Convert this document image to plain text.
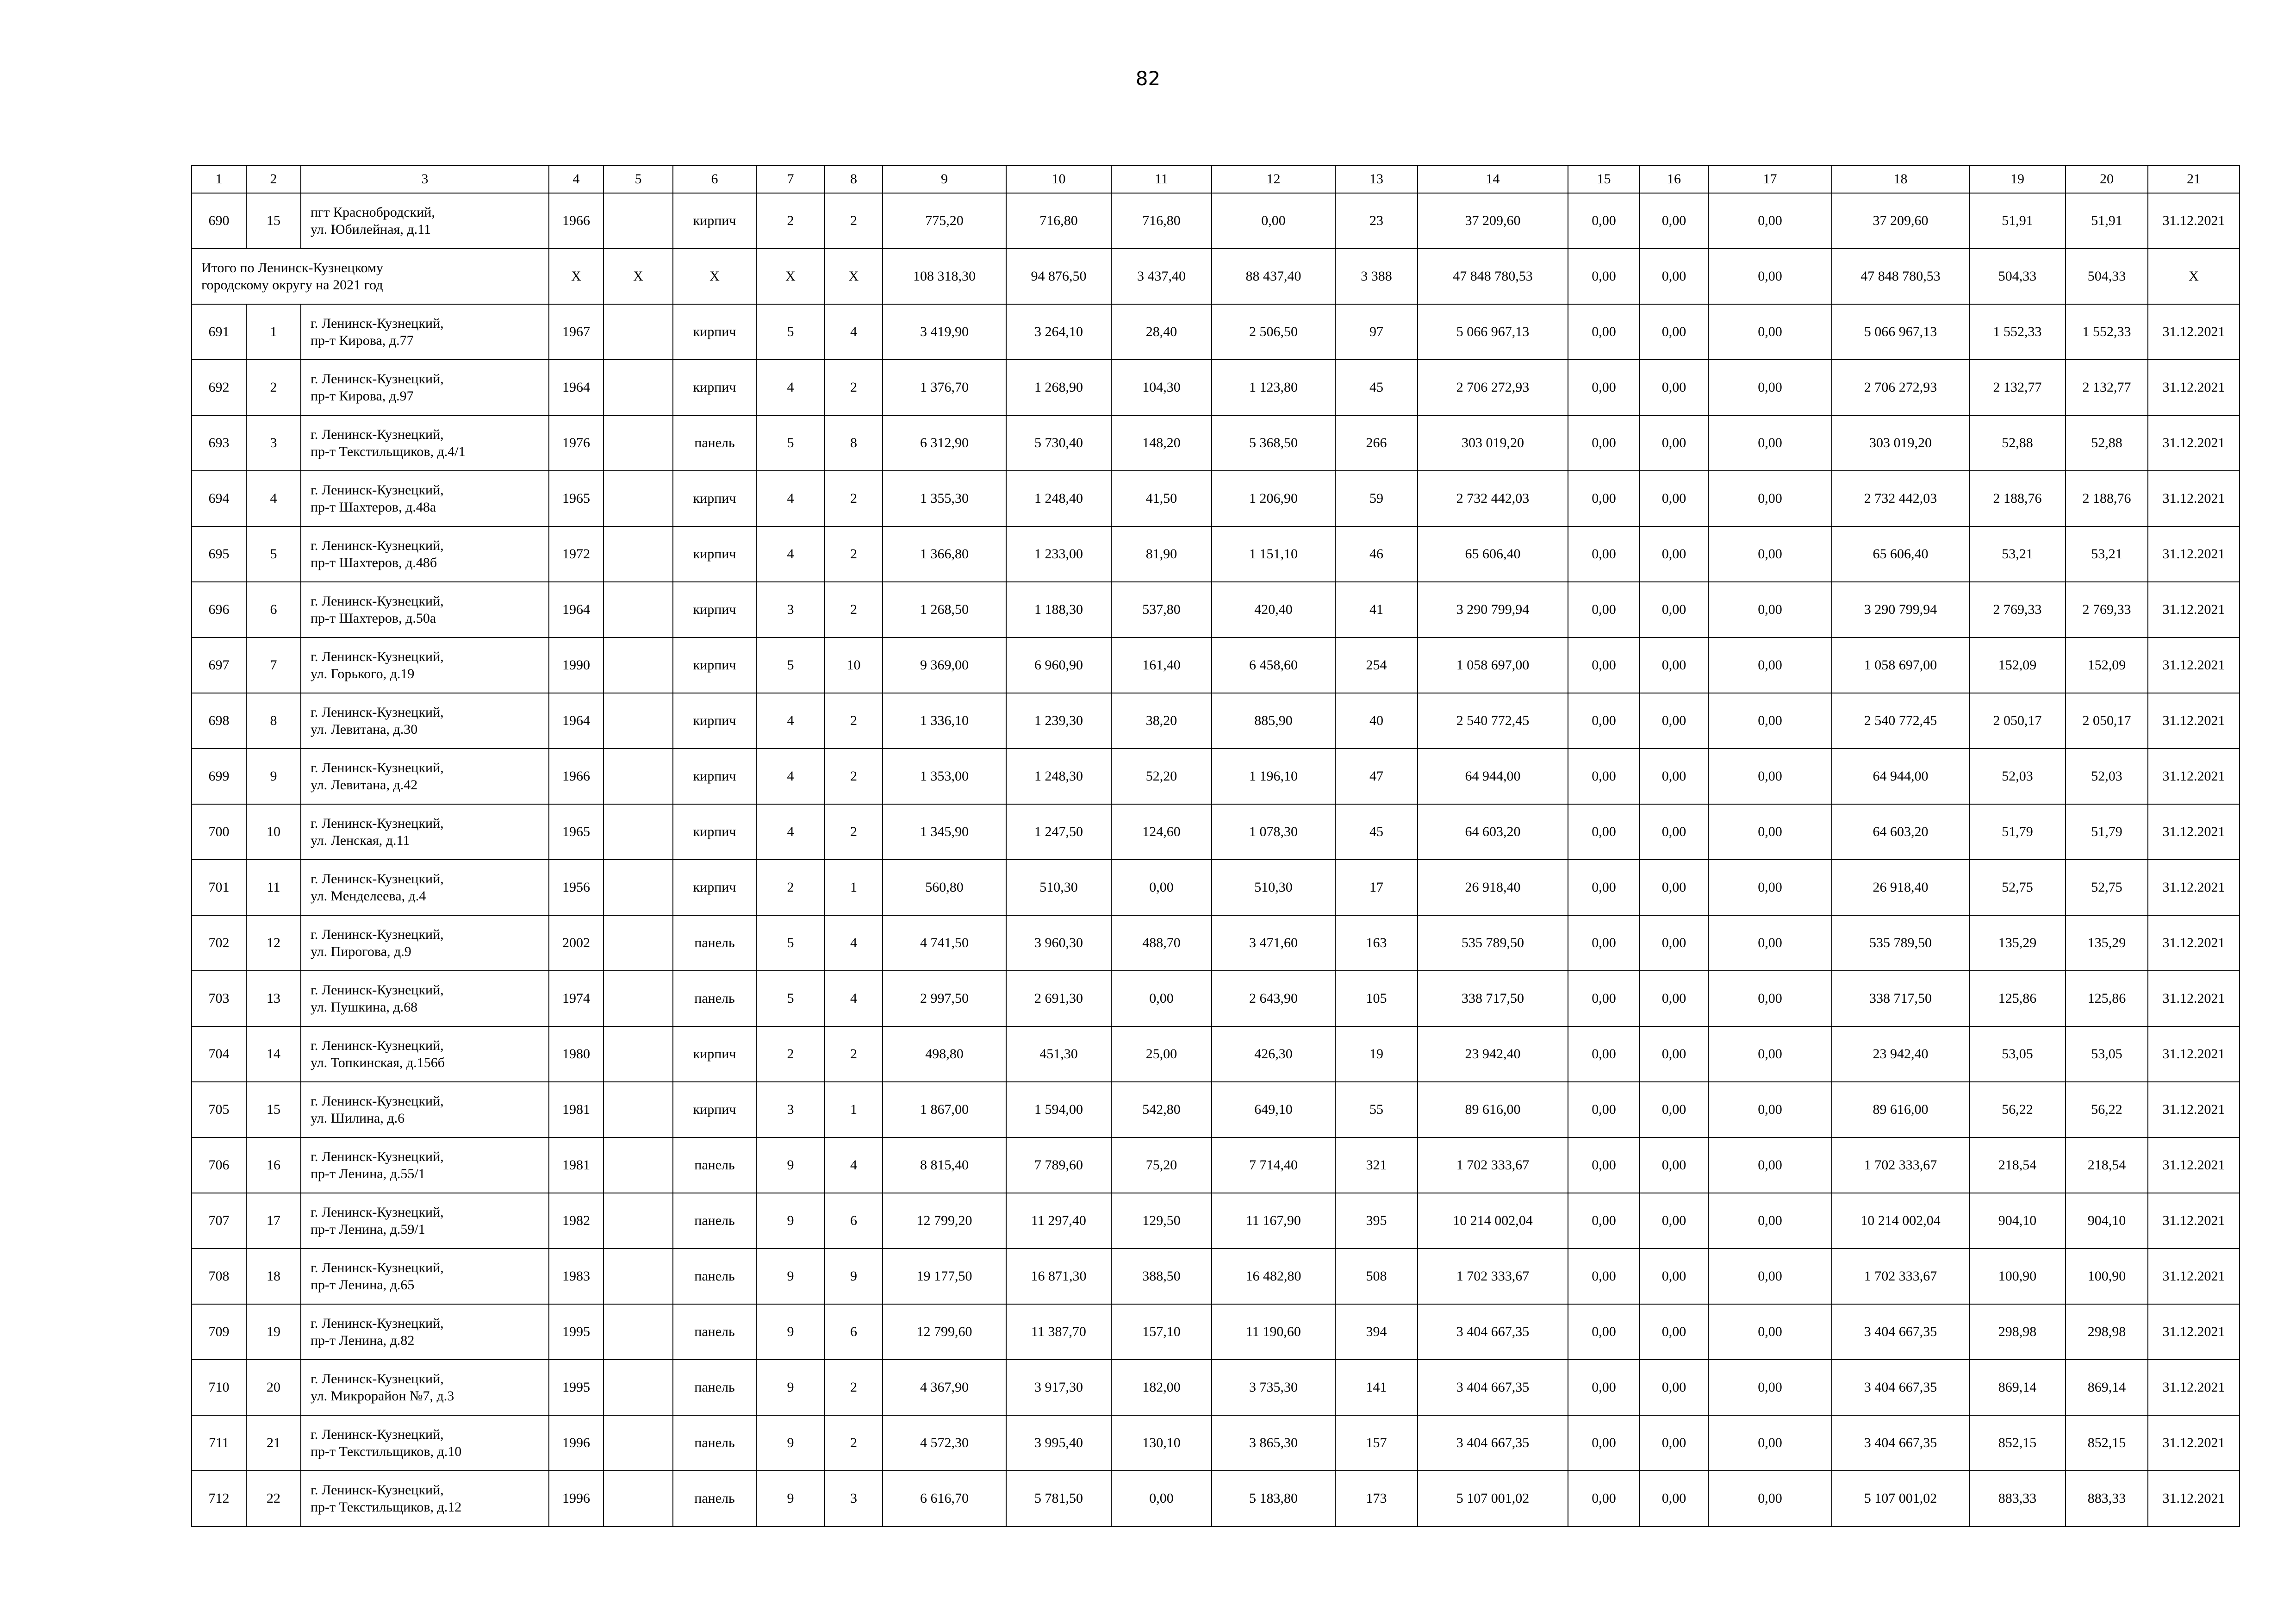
82
1	2	3	4	5	6	7	8	9	10	11	12	13	14	15	16	17	18	19	20	21
690	15	пгт Краснобродский,
ул. Юбилейная, д.11	1966		кирпич	2	2	775,20	716,80	716,80	0,00	23	37 209,60	0,00	0,00	0,00	37 209,60	51,91	51,91	31.12.2021

Итого по Ленинск-Кузнецкому
городскому округу на 2021 год			Х	Х	Х	Х	Х	108 318,30	94 876,50	3 437,40	88 437,40	3 388	47 848 780,53	0,00	0,00	0,00	47 848 780,53	504,33	504,33	Х
691	1	г. Ленинск-Кузнецкий,
пр-т Кирова, д.77	1967		кирпич	5	4	3 419,90	3 264,10	28,40	2 506,50	97	5 066 967,13	0,00	0,00	0,00	5 066 967,13	1 552,33	1 552,33	31.12.2021
692	2	г. Ленинск-Кузнецкий,
пр-т Кирова, д.97	1964		кирпич	4	2	1 376,70	1 268,90	104,30	1 123,80	45	2 706 272,93	0,00	0,00	0,00	2 706 272,93	2 132,77	2 132,77	31.12.2021
693	3	г. Ленинск-Кузнецкий,
пр-т Текстильщиков, д.4/1	1976		панель	5	8	6 312,90	5 730,40	148,20	5 368,50	266	303 019,20	0,00	0,00	0,00	303 019,20	52,88	52,88	31.12.2021
694	4	г. Ленинск-Кузнецкий,
пр-т Шахтеров, д.48а	1965		кирпич	4	2	1 355,30	1 248,40	41,50	1 206,90	59	2 732 442,03	0,00	0,00	0,00	2 732 442,03	2 188,76	2 188,76	31.12.2021
695	5	г. Ленинск-Кузнецкий,
пр-т Шахтеров, д.48б	1972		кирпич	4	2	1 366,80	1 233,00	81,90	1 151,10	46	65 606,40	0,00	0,00	0,00	65 606,40	53,21	53,21	31.12.2021
696	6	г. Ленинск-Кузнецкий,
пр-т Шахтеров, д.50а	1964		кирпич	3	2	1 268,50	1 188,30	537,80	420,40	41	3 290 799,94	0,00	0,00	0,00	3 290 799,94	2 769,33	2 769,33	31.12.2021
697	7	г. Ленинск-Кузнецкий,
ул. Горького, д.19	1990		кирпич	5	10	9 369,00	6 960,90	161,40	6 458,60	254	1 058 697,00	0,00	0,00	0,00	1 058 697,00	152,09	152,09	31.12.2021
698	8	г. Ленинск-Кузнецкий,
ул. Левитана, д.30	1964		кирпич	4	2	1 336,10	1 239,30	38,20	885,90	40	2 540 772,45	0,00	0,00	0,00	2 540 772,45	2 050,17	2 050,17	31.12.2021
699	9	г. Ленинск-Кузнецкий,
ул. Левитана, д.42	1966		кирпич	4	2	1 353,00	1 248,30	52,20	1 196,10	47	64 944,00	0,00	0,00	0,00	64 944,00	52,03	52,03	31.12.2021
700	10	г. Ленинск-Кузнецкий,
ул. Ленская, д.11	1965		кирпич	4	2	1 345,90	1 247,50	124,60	1 078,30	45	64 603,20	0,00	0,00	0,00	64 603,20	51,79	51,79	31.12.2021
701	11	г. Ленинск-Кузнецкий,
ул. Менделеева, д.4	1956		кирпич	2	1	560,80	510,30	0,00	510,30	17	26 918,40	0,00	0,00	0,00	26 918,40	52,75	52,75	31.12.2021
702	12	г. Ленинск-Кузнецкий,
ул. Пирогова, д.9	2002		панель	5	4	4 741,50	3 960,30	488,70	3 471,60	163	535 789,50	0,00	0,00	0,00	535 789,50	135,29	135,29	31.12.2021
703	13	г. Ленинск-Кузнецкий,
ул. Пушкина, д.68	1974		панель	5	4	2 997,50	2 691,30	0,00	2 643,90	105	338 717,50	0,00	0,00	0,00	338 717,50	125,86	125,86	31.12.2021
704	14	г. Ленинск-Кузнецкий,
ул. Топкинская, д.156б	1980		кирпич	2	2	498,80	451,30	25,00	426,30	19	23 942,40	0,00	0,00	0,00	23 942,40	53,05	53,05	31.12.2021
705	15	г. Ленинск-Кузнецкий,
ул. Шилина, д.6	1981		кирпич	3	1	1 867,00	1 594,00	542,80	649,10	55	89 616,00	0,00	0,00	0,00	89 616,00	56,22	56,22	31.12.2021
706	16	г. Ленинск-Кузнецкий,
пр-т Ленина, д.55/1	1981		панель	9	4	8 815,40	7 789,60	75,20	7 714,40	321	1 702 333,67	0,00	0,00	0,00	1 702 333,67	218,54	218,54	31.12.2021
707	17	г. Ленинск-Кузнецкий,
пр-т Ленина, д.59/1	1982		панель	9	6	12 799,20	11 297,40	129,50	11 167,90	395	10 214 002,04	0,00	0,00	0,00	10 214 002,04	904,10	904,10	31.12.2021
708	18	г. Ленинск-Кузнецкий,
пр-т Ленина, д.65	1983		панель	9	9	19 177,50	16 871,30	388,50	16 482,80	508	1 702 333,67	0,00	0,00	0,00	1 702 333,67	100,90	100,90	31.12.2021
709	19	г. Ленинск-Кузнецкий,
пр-т Ленина, д.82	1995		панель	9	6	12 799,60	11 387,70	157,10	11 190,60	394	3 404 667,35	0,00	0,00	0,00	3 404 667,35	298,98	298,98	31.12.2021
710	20	г. Ленинск-Кузнецкий,
ул. Микрорайон №7, д.3	1995		панель	9	2	4 367,90	3 917,30	182,00	3 735,30	141	3 404 667,35	0,00	0,00	0,00	3 404 667,35	869,14	869,14	31.12.2021
711	21	г. Ленинск-Кузнецкий,
пр-т Текстильщиков, д.10	1996		панель	9	2	4 572,30	3 995,40	130,10	3 865,30	157	3 404 667,35	0,00	0,00	0,00	3 404 667,35	852,15	852,15	31.12.2021
712	22	г. Ленинск-Кузнецкий,
пр-т Текстильщиков, д.12	1996		панель	9	3	6 616,70	5 781,50	0,00	5 183,80	173	5 107 001,02	0,00	0,00	0,00	5 107 001,02	883,33	883,33	31.12.2021
